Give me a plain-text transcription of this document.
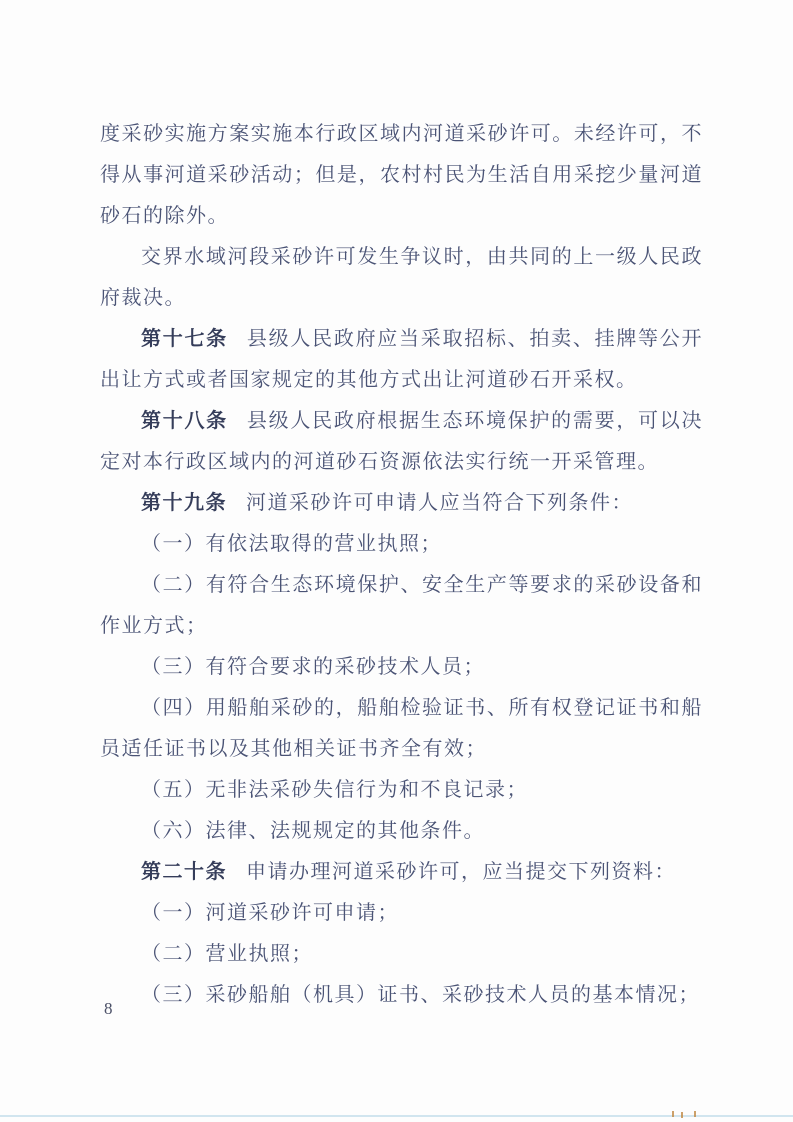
度采砂实施方案实施本行政区域内河道采砂许可。未经许可，不得从事河道采砂活动；但是，农村村民为生活自用采挖少量河道砂石的除外。

交界水域河段采砂许可发生争议时，由共同的上一级人民政府裁决。

第十七条 县级人民政府应当采取招标、拍卖、挂牌等公开出让方式或者国家规定的其他方式出让河道砂石开采权。

第十八条 县级人民政府根据生态环境保护的需要，可以决定对本行政区域内的河道砂石资源依法实行统一开采管理。

第十九条 河道采砂许可申请人应当符合下列条件：

（一）有依法取得的营业执照；

（二）有符合生态环境保护、安全生产等要求的采砂设备和作业方式；

（三）有符合要求的采砂技术人员；

（四）用船舶采砂的，船舶检验证书、所有权登记证书和船员适任证书以及其他相关证书齐全有效；

（五）无非法采砂失信行为和不良记录；

（六）法律、法规规定的其他条件。

第二十条 申请办理河道采砂许可，应当提交下列资料：

（一）河道采砂许可申请；

（二）营业执照；

（三）采砂船舶（机具）证书、采砂技术人员的基本情况；

8
